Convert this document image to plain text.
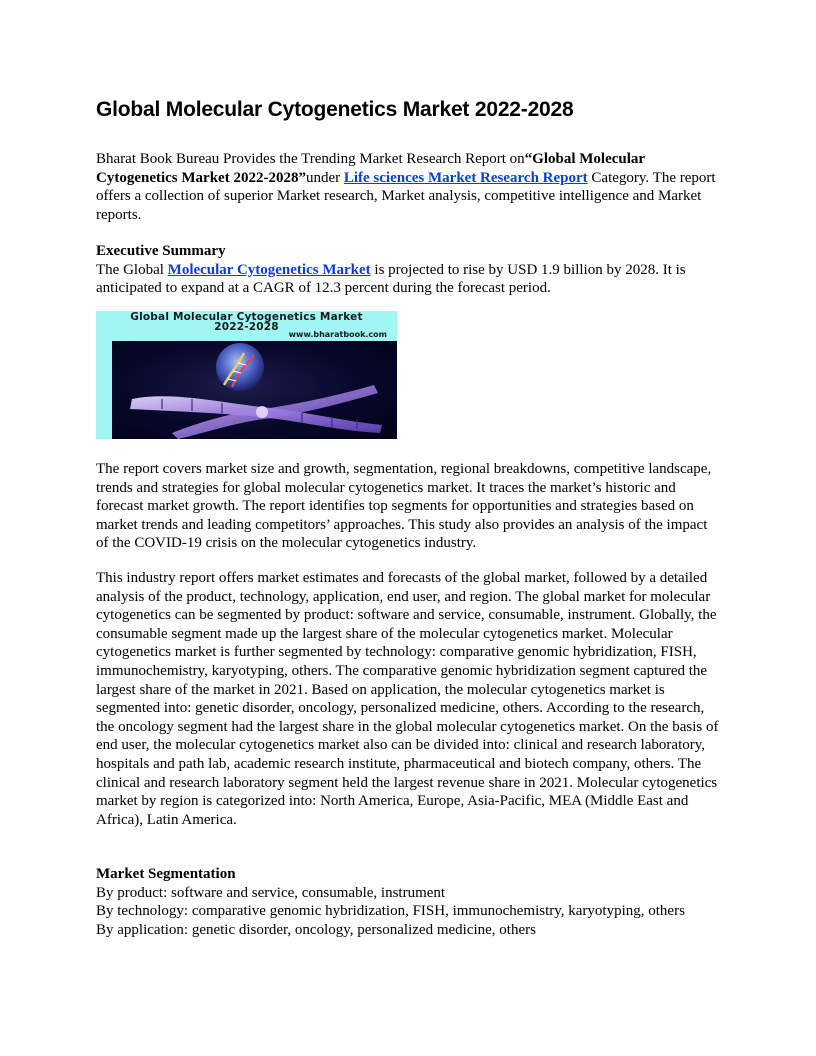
Global Molecular Cytogenetics Market 2022-2028

Bharat Book Bureau Provides the Trending Market Research Report on“Global Molecular Cytogenetics Market 2022-2028”under Life sciences Market Research Report Category. The report offers a collection of superior Market research, Market analysis, competitive intelligence and Market reports.

Executive Summary

The Global Molecular Cytogenetics Market is projected to rise by USD 1.9 billion by 2028. It is anticipated to expand at a CAGR of 12.3 percent during the forecast period.

Global Molecular Cytogenetics Market
2022-2028
www.bharatbook.com

The report covers market size and growth, segmentation, regional breakdowns, competitive landscape, trends and strategies for global molecular cytogenetics market. It traces the market’s historic and forecast market growth. The report identifies top segments for opportunities and strategies based on market trends and leading competitors’ approaches. This study also provides an analysis of the impact of the COVID-19 crisis on the molecular cytogenetics industry.

This industry report offers market estimates and forecasts of the global market, followed by a detailed analysis of the product, technology, application, end user, and region. The global market for molecular cytogenetics can be segmented by product: software and service, consumable, instrument. Globally, the consumable segment made up the largest share of the molecular cytogenetics market. Molecular cytogenetics market is further segmented by technology: comparative genomic hybridization, FISH, immunochemistry, karyotyping, others. The comparative genomic hybridization segment captured the largest share of the market in 2021. Based on application, the molecular cytogenetics market is segmented into: genetic disorder, oncology, personalized medicine, others. According to the research, the oncology segment had the largest share in the global molecular cytogenetics market. On the basis of end user, the molecular cytogenetics market also can be divided into: clinical and research laboratory, hospitals and path lab, academic research institute, pharmaceutical and biotech company, others. The clinical and research laboratory segment held the largest revenue share in 2021. Molecular cytogenetics market by region is categorized into: North America, Europe, Asia-Pacific, MEA (Middle East and Africa), Latin America.

Market Segmentation

By product: software and service, consumable, instrument

By technology: comparative genomic hybridization, FISH, immunochemistry, karyotyping, others

By application: genetic disorder, oncology, personalized medicine, others
